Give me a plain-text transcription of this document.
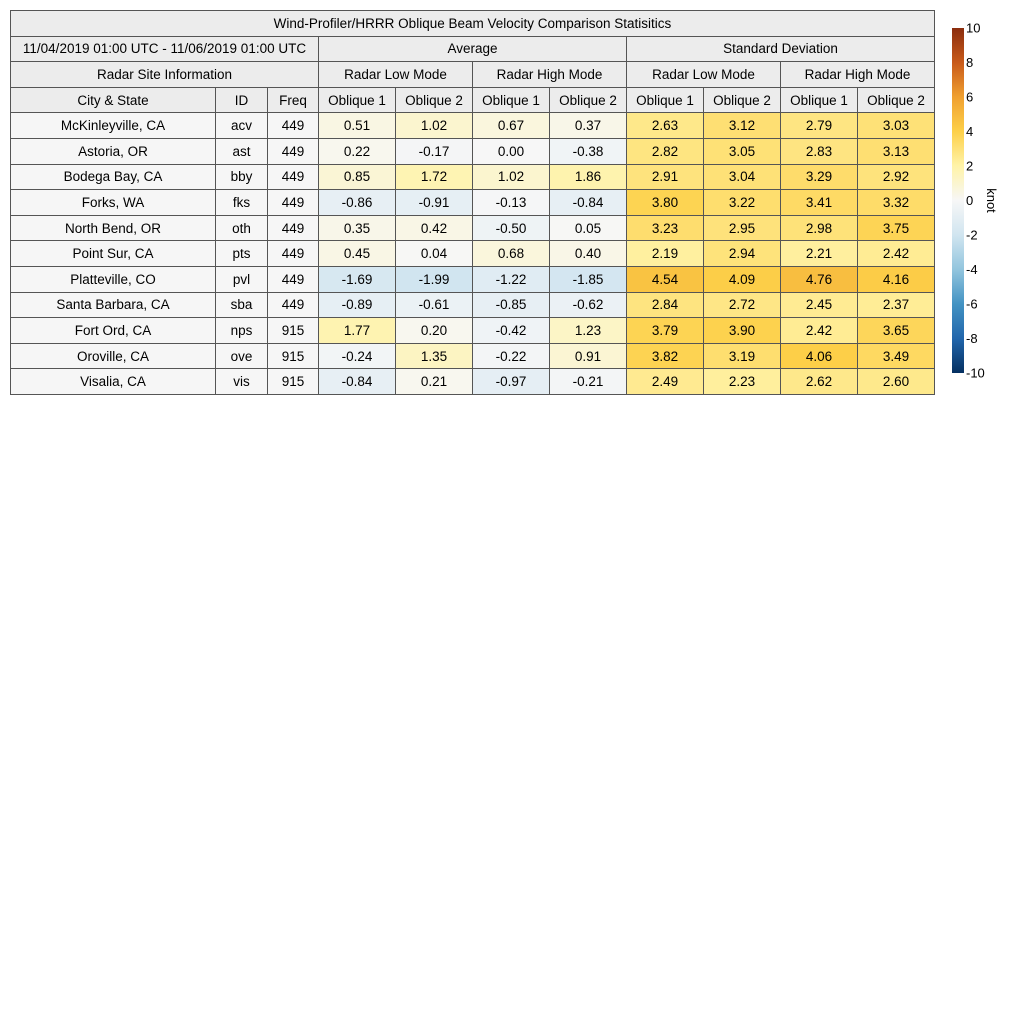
Wind-Profiler/HRRR Oblique Beam Velocity Comparison Statisitics										
11/04/2019 01:00 UTC - 11/06/2019 01:00 UTC			Average				Standard Deviation			
Radar Site Information			Radar Low Mode		Radar High Mode		Radar Low Mode		Radar High Mode	
City & State	ID	Freq	Oblique 1	Oblique 2	Oblique 1	Oblique 2	Oblique 1	Oblique 2	Oblique 1	Oblique 2
McKinleyville, CA	acv	449	0.51	1.02	0.67	0.37	2.63	3.12	2.79	3.03
Astoria, OR	ast	449	0.22	-0.17	0.00	-0.38	2.82	3.05	2.83	3.13
Bodega Bay, CA	bby	449	0.85	1.72	1.02	1.86	2.91	3.04	3.29	2.92
Forks, WA	fks	449	-0.86	-0.91	-0.13	-0.84	3.80	3.22	3.41	3.32
North Bend, OR	oth	449	0.35	0.42	-0.50	0.05	3.23	2.95	2.98	3.75
Point Sur, CA	pts	449	0.45	0.04	0.68	0.40	2.19	2.94	2.21	2.42
Platteville, CO	pvl	449	-1.69	-1.99	-1.22	-1.85	4.54	4.09	4.76	4.16
Santa Barbara, CA	sba	449	-0.89	-0.61	-0.85	-0.62	2.84	2.72	2.45	2.37
Fort Ord, CA	nps	915	1.77	0.20	-0.42	1.23	3.79	3.90	2.42	3.65
Oroville, CA	ove	915	-0.24	1.35	-0.22	0.91	3.82	3.19	4.06	3.49
Visalia, CA	vis	915	-0.84	0.21	-0.97	-0.21	2.49	2.23	2.62	2.60
10
8
6
4
2
0
-2
-4
-6
-8
-10
knot
